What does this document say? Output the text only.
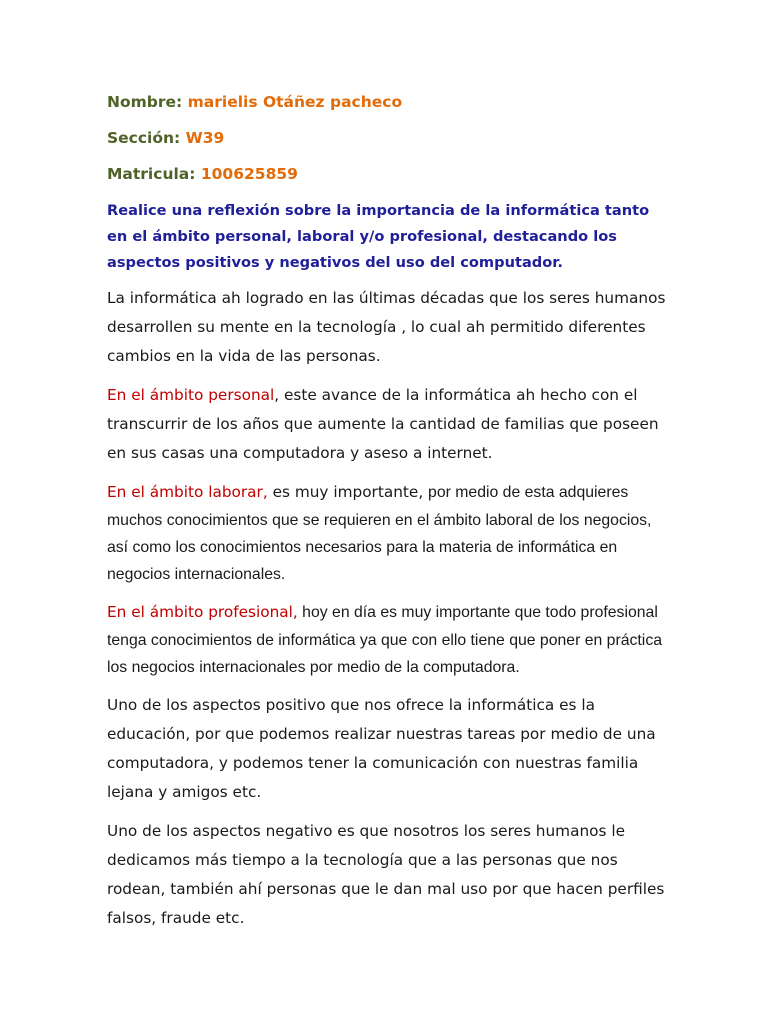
Nombre: marielis Otáñez pacheco

Sección: W39

Matricula: 100625859

Realice una reflexión sobre la importancia de la informática tanto en el ámbito personal, laboral y/o profesional, destacando los aspectos positivos y negativos del uso del computador.

La informática ah logrado en las últimas décadas que los seres humanos desarrollen su mente en la tecnología , lo cual ah permitido diferentes cambios en la vida de las personas.

En el ámbito personal, este avance de la informática ah hecho con el transcurrir de los años que aumente la cantidad de familias que poseen en sus casas una computadora y aseso a internet.

En el ámbito laborar, es muy importante, por medio de esta adquieres muchos conocimientos que se requieren en el ámbito laboral de los negocios, así como los conocimientos necesarios para la materia de informática en negocios internacionales.

En el ámbito profesional, hoy en día es muy importante que todo profesional tenga conocimientos de informática ya que con ello tiene que poner en práctica los negocios internacionales por medio de la computadora.

Uno de los aspectos positivo que nos ofrece la informática es la educación, por que podemos realizar nuestras tareas por medio de una computadora, y podemos tener la comunicación con nuestras familia lejana y amigos etc.

Uno de los aspectos negativo es que nosotros los seres humanos le dedicamos más tiempo a la tecnología que a las personas que nos rodean, también ahí personas que le dan mal uso por que hacen perfiles falsos, fraude etc.
